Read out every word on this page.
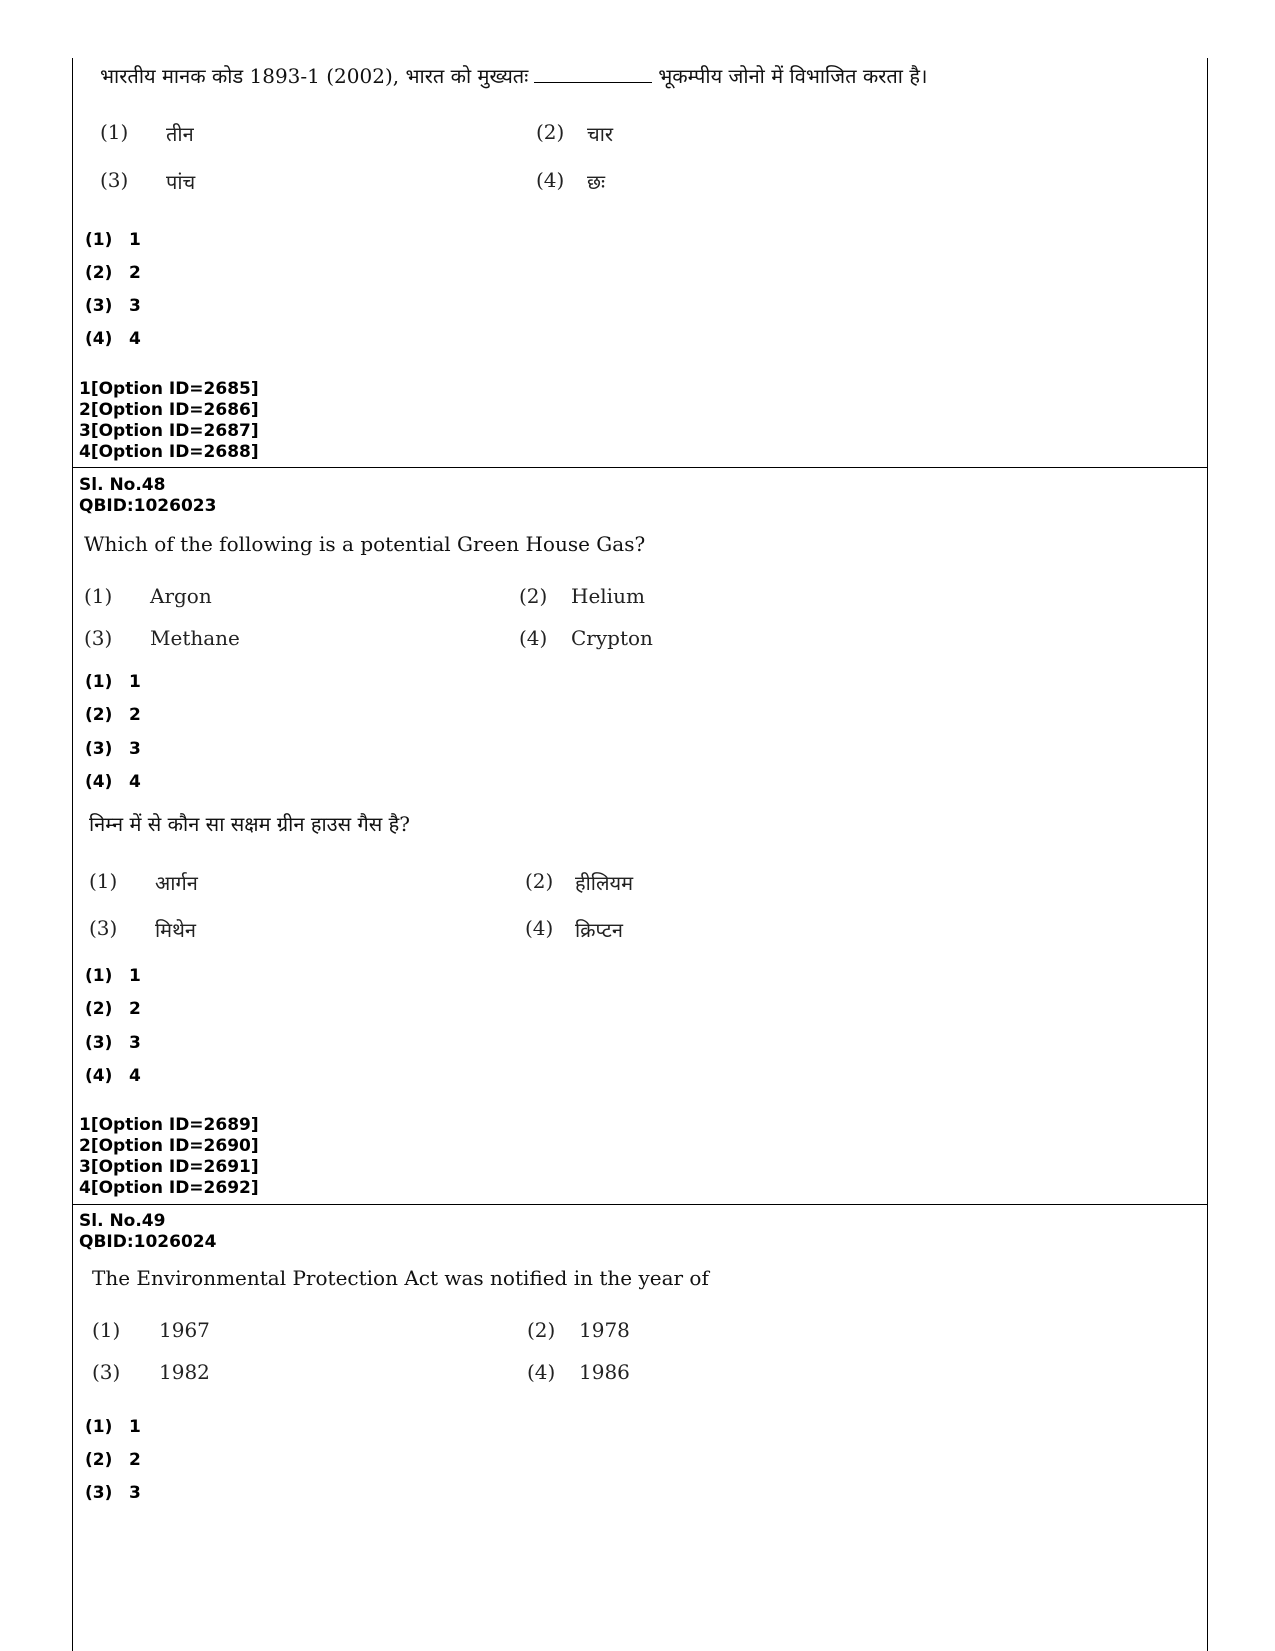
भारतीय मानक कोड 1893-1 (2002), भारत को मुख्यतः	भूकम्पीय जोनो में विभाजित करता है।
(1) तीन	(2) चार
(3) पांच	(4) छः
(1) 1
(2) 2
(3) 3
(4) 4
1[Option ID=2685]
2[Option ID=2686]
3[Option ID=2687]
4[Option ID=2688]
Sl. No.48
QBID:1026023
Which of the following is a potential Green House Gas?
(1) Argon	(2) Helium
(3) Methane	(4) Crypton
(1) 1
(2) 2
(3) 3
(4) 4
निम्न में से कौन सा सक्षम ग्रीन हाउस गैस है?
(1) आर्गन	(2) हीलियम
(3) मिथेन	(4) क्रिप्टन
(1) 1
(2) 2
(3) 3
(4) 4
1[Option ID=2689]
2[Option ID=2690]
3[Option ID=2691]
4[Option ID=2692]
Sl. No.49
QBID:1026024
The Environmental Protection Act was notified in the year of
(1) 1967	(2) 1978
(3) 1982	(4) 1986
(1) 1
(2) 2
(3) 3
